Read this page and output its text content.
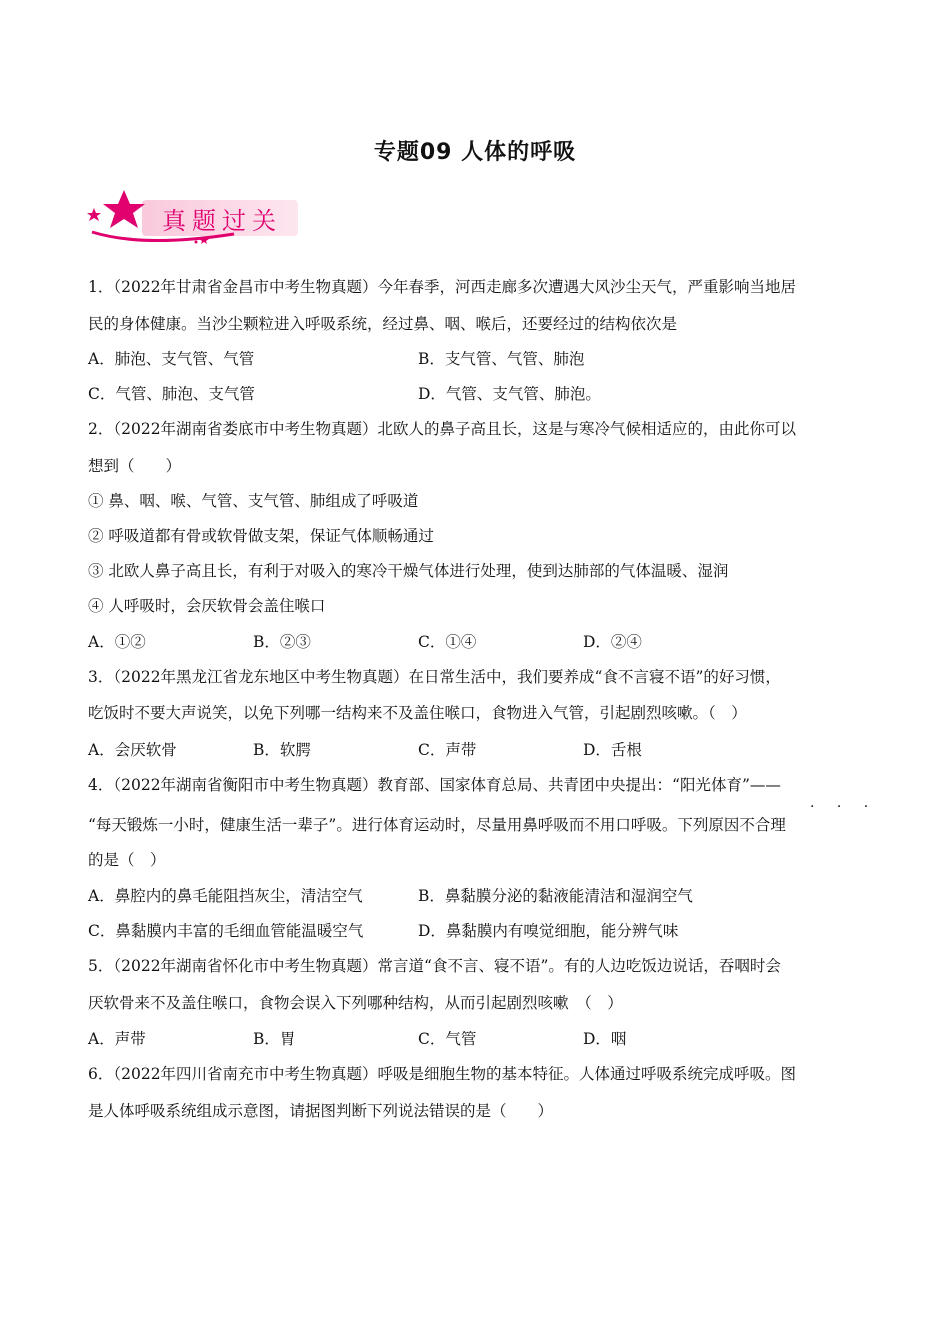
专题09 人体的呼吸
真题过关
1．（2022年甘肃省金昌市中考生物真题）今年春季，河西走廊多次遭遇大风沙尘天气，严重影响当地居
民的身体健康。当沙尘颗粒进入呼吸系统，经过鼻、咽、喉后，还要经过的结构依次是
A．肺泡、支气管、气管	B．支气管、气管、肺泡
C．气管、肺泡、支气管	D．气管、支气管、肺泡。
2．（2022年湖南省娄底市中考生物真题）北欧人的鼻子高且长，这是与寒冷气候相适应的，由此你可以
想到（　　）
① 鼻、咽、喉、气管、支气管、肺组成了呼吸道
② 呼吸道都有骨或软骨做支架，保证气体顺畅通过
③ 北欧人鼻子高且长，有利于对吸入的寒冷干燥气体进行处理，使到达肺部的气体温暖、湿润
④ 人呼吸时，会厌软骨会盖住喉口
A．①②	B．②③	C．①④	D．②④
3．（2022年黑龙江省龙东地区中考生物真题）在日常生活中，我们要养成“食不言寝不语”的好习惯，
吃饭时不要大声说笑，以免下列哪一结构来不及盖住喉口，食物进入气管，引起剧烈咳嗽。（　）
A．会厌软骨	B．软腭	C．声带	D．舌根
4．（2022年湖南省衡阳市中考生物真题）教育部、国家体育总局、共青团中央提出：“阳光体育”——
· · ·
“每天锻炼一小时，健康生活一辈子”。进行体育运动时，尽量用鼻呼吸而不用口呼吸。下列原因不合理
的是（　）
A．鼻腔内的鼻毛能阻挡灰尘，清洁空气	B．鼻黏膜分泌的黏液能清洁和湿润空气
C．鼻黏膜内丰富的毛细血管能温暖空气	D．鼻黏膜内有嗅觉细胞，能分辨气味
5．（2022年湖南省怀化市中考生物真题）常言道“食不言、寝不语”。有的人边吃饭边说话，吞咽时会
厌软骨来不及盖住喉口，食物会误入下列哪种结构，从而引起剧烈咳嗽　（　）
A．声带	B．胃	C．气管	D．咽
6．（2022年四川省南充市中考生物真题）呼吸是细胞生物的基本特征。人体通过呼吸系统完成呼吸。图
是人体呼吸系统组成示意图，请据图判断下列说法错误的是（　　）
